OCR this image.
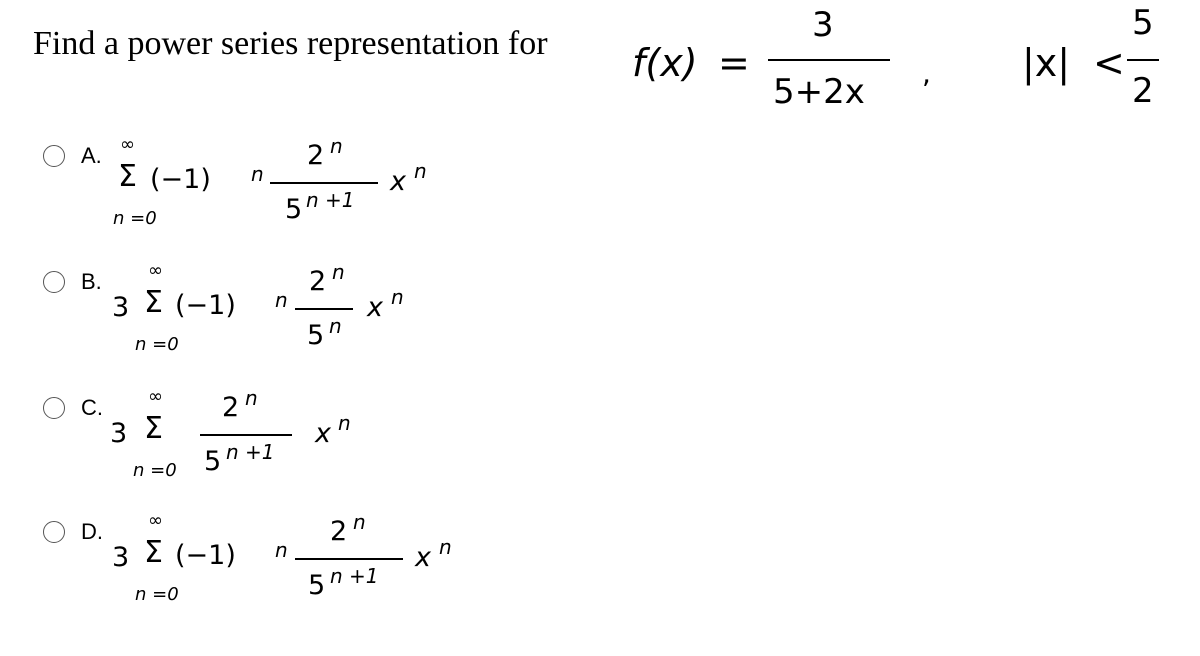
Find a power series representation for f(x) =
3
5+2x , |x| <
5
2
A. ∞
Σ
n =0
(−1) n
2 n
5 n +1
x n
B.
3
∞
Σ
n =0
(−1) n
2 n
5 n
x n
C.
3
∞
Σ
n =0
2 n
5 n +1
x n
D.
3
∞
Σ
n =0
(−1) n
2 n
5 n +1
x n
